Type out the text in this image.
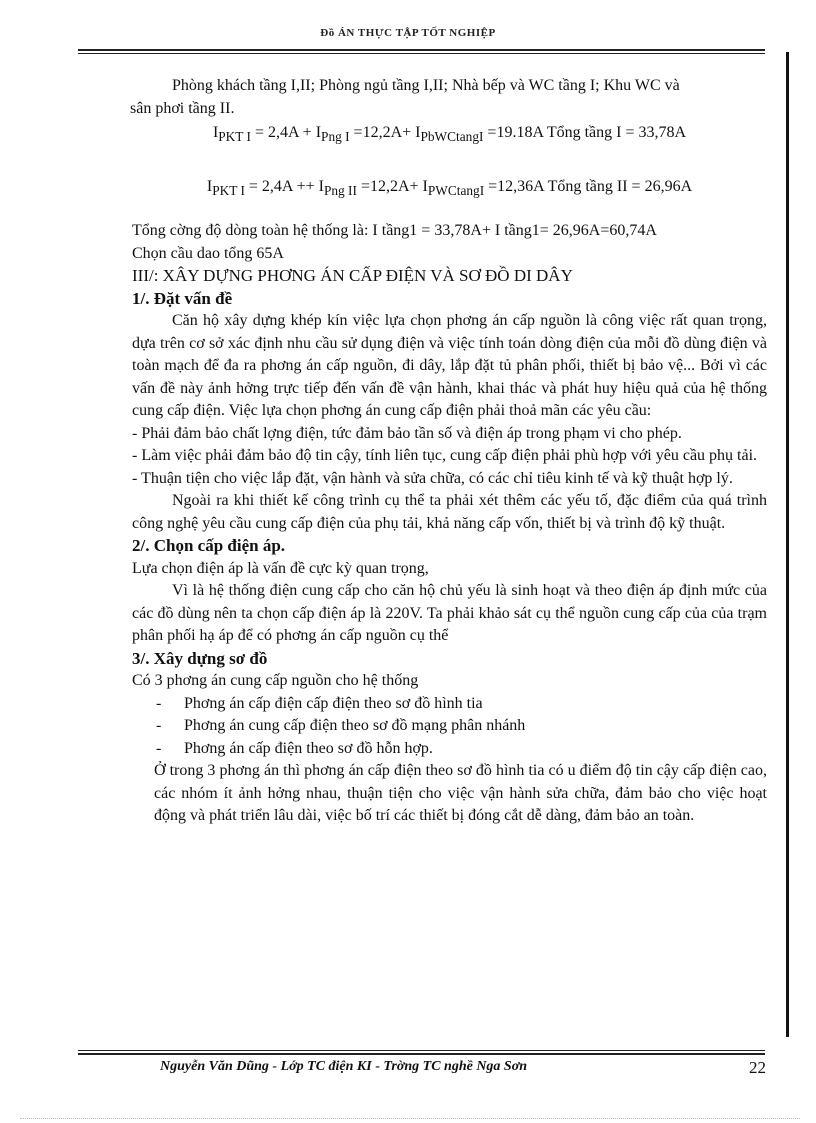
Đồ ÁN THỰC TẬP TỐT NGHIỆP

Phòng khách tầng I,II; Phòng ngủ tầng I,II; Nhà bếp và WC tầng I; Khu WC và

sân phơi tầng II.

$I_{PKT I} = 2,4A + I_{Png I} =12,2A+ I_{PbWCtangI} =19.18A$ Tổng tầng I = 33,78A

$I_{PKT I} = 2,4A ++ I_{Png II} =12,2A+ I_{PWCtangI} =12,36A$ Tổng tầng II = 26,96A

Tổng cờng độ dòng toàn hệ thống là: I tầng1 = 33,78A+ I tầng1= 26,96A=60,74A

Chọn cầu dao tổng 65A

III/: XÂY DỰNG PHƠNG ÁN CẤP ĐIỆN VÀ SƠ ĐỒ DI DÂY

1/. Đặt vấn đề

Căn hộ xây dựng khép kín việc lựa chọn phơng án cấp nguồn là công việc rất quan trọng, dựa trên cơ sở xác định nhu cầu sử dụng điện và việc tính toán dòng điện của mỗi đồ dùng điện và toàn mạch để đa ra phơng án cấp nguồn, đi dây, lắp đặt tủ phân phối, thiết bị bảo vệ... Bởi vì các vấn đề này ảnh hởng trực tiếp đến vấn đề vận hành, khai thác và phát huy hiệu quả của hệ thống cung cấp điện. Việc lựa chọn phơng án cung cấp điện phải thoả mãn các yêu cầu:

- Phải đảm bảo chất lợng điện, tức đảm bảo tần số và điện áp trong phạm vi cho phép.

- Làm việc phải đảm bảo độ tin cậy, tính liên tục, cung cấp điện phải phù hợp với yêu cầu phụ tải.

- Thuận tiện cho việc lắp đặt, vận hành và sửa chữa, có các chỉ tiêu kinh tế và kỹ thuật hợp lý.

Ngoài ra khi thiết kế công trình cụ thể ta phải xét thêm các yếu tố, đặc điểm của quá trình công nghệ yêu cầu cung cấp điện của phụ tải, khả năng cấp vốn, thiết bị và trình độ kỹ thuật.

2/. Chọn cấp điện áp.

Lựa chọn điện áp là vấn đề cực kỳ quan trọng,

Vì là hệ thống điện cung cấp cho căn hộ chủ yếu là sinh hoạt và theo điện áp định mức của các đồ dùng nên ta chọn cấp điện áp là 220V. Ta phải khảo sát cụ thể nguồn cung cấp của của trạm phân phối hạ áp để có phơng án cấp nguồn cụ thể

3/. Xây dựng sơ đồ

Có 3 phơng án cung cấp nguồn cho hệ thống

- Phơng án cấp điện cấp điện theo sơ đồ hình tia
- Phơng án cung cấp điện theo sơ đồ mạng phân nhánh
- Phơng án cấp điện theo sơ đồ hỗn hợp.

Ở trong 3 phơng án thì phơng án cấp điện theo sơ đồ hình tia có u điểm độ tin cậy cấp điện cao, các nhóm ít ảnh hởng nhau, thuận tiện cho việc vận hành sửa chữa, đảm bảo cho việc hoạt động và phát triển lâu dài, việc bố trí các thiết bị đóng cắt dễ dàng, đảm bảo an toàn.

Nguyễn Văn Dũng - Lớp TC điện KI - Trờng TC nghề Nga Sơn	22
